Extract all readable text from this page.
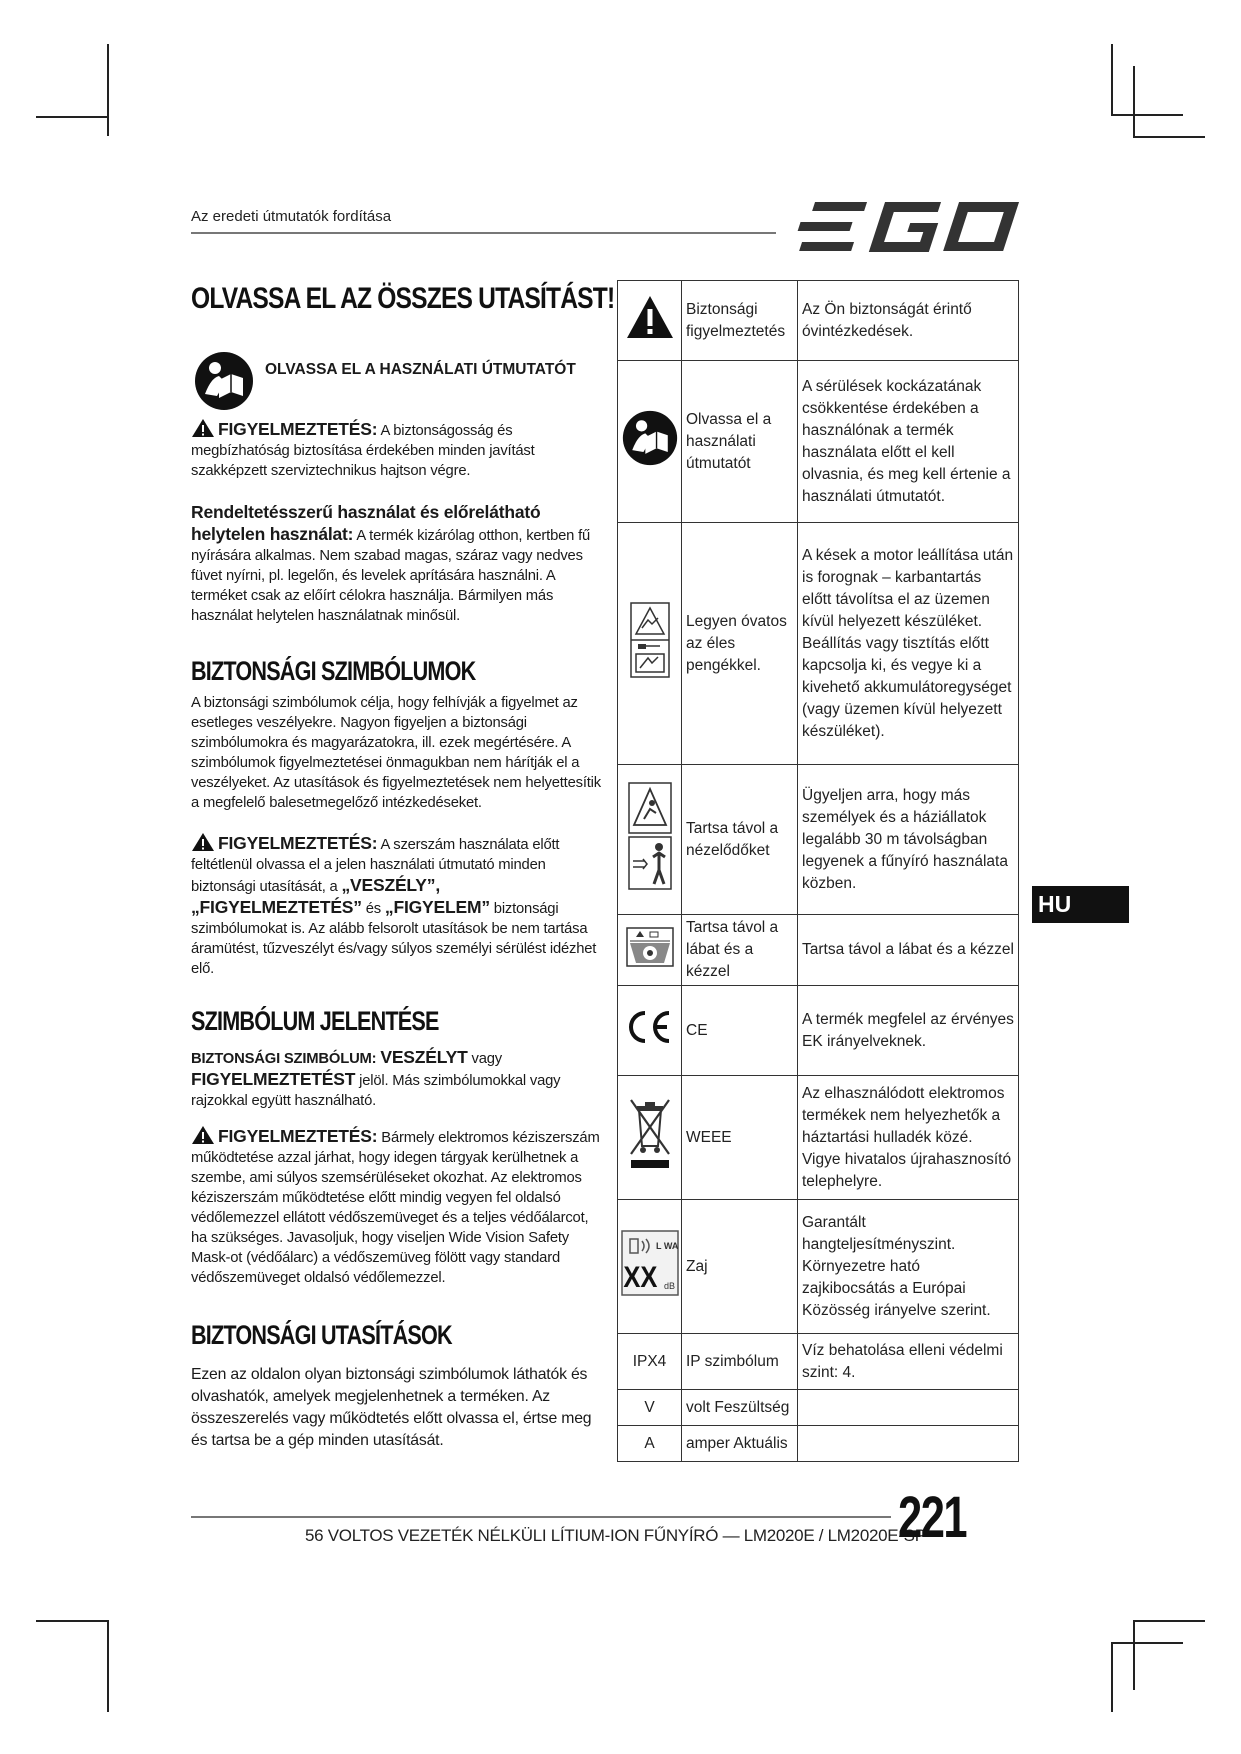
Az eredeti útmutatók fordítása
OLVASSA EL AZ ÖSSZES UTASÍTÁST!
OLVASSA EL A HASZNÁLATI ÚTMUTATÓT

FIGYELMEZTETÉS: A biztonságosság és megbízhatóság biztosítása érdekében minden javítást szakképzett szerviztechnikus hajtson végre.

Rendeltetésszerű használat és előrelátható helytelen használat: A termék kizárólag otthon, kertben fű nyírására alkalmas. Nem szabad magas, száraz vagy nedves füvet nyírni, pl. legelőn, és levelek aprítására használni. A terméket csak az előírt célokra használja. Bármilyen más használat helytelen használatnak minősül.

BIZTONSÁGI SZIMBÓLUMOK

A biztonsági szimbólumok célja, hogy felhívják a figyelmet az esetleges veszélyekre. Nagyon figyeljen a biztonsági szimbólumokra és magyarázatokra, ill. ezek megértésére. A szimbólumok figyelmeztetései önmagukban nem hárítják el a veszélyeket. Az utasítások és figyelmeztetések nem helyettesítik a megfelelő balesetmegelőző intézkedéseket.

FIGYELMEZTETÉS: A szerszám használata előtt feltétlenül olvassa el a jelen használati útmutató minden biztonsági utasítását, a „VESZÉLY”, „FIGYELMEZTETÉS” és „FIGYELEM” biztonsági szimbólumokat is. Az alább felsorolt utasítások be nem tartása áramütést, tűzveszélyt és/vagy súlyos személyi sérülést idézhet elő.

SZIMBÓLUM JELENTÉSE

BIZTONSÁGI SZIMBÓLUM: VESZÉLYT vagy FIGYELMEZTETÉST jelöl. Más szimbólumokkal vagy rajzokkal együtt használható.

FIGYELMEZTETÉS: Bármely elektromos kéziszerszám működtetése azzal járhat, hogy idegen tárgyak kerülhetnek a szembe, ami súlyos szemsérüléseket okozhat. Az elektromos kéziszerszám működtetése előtt mindig vegyen fel oldalsó védőlemezzel ellátott védőszemüveget és a teljes védőálarcot, ha szükséges. Javasoljuk, hogy viseljen Wide Vision Safety Mask-ot (védőálarc) a védőszemüveg fölött vagy standard védőszemüveget oldalsó védőlemezzel.

BIZTONSÁGI UTASÍTÁSOK

Ezen az oldalon olyan biztonsági szimbólumok láthatók és olvashatók, amelyek megjelenhetnek a terméken. Az összeszerelés vagy működtetés előtt olvassa el, értse meg és tartsa be a gép minden utasítását.

	Biztonsági figyelmeztetés	Az Ön biztonságát érintő óvintézkedések.
	Olvassa el a használati útmutatót	A sérülések kockázatának csökkentése érdekében a használónak a termék használata előtt el kell olvasnia, és meg kell értenie a használati útmutatót.
	Legyen óvatos az éles pengékkel.	A kések a motor leállítása után is forognak – karbantartás előtt távolítsa el az üzemen kívül helyezett készüléket. Beállítás vagy tisztítás előtt kapcsolja ki, és vegye ki a kivehető akkumulátoregységet (vagy üzemen kívül helyezett készüléket).
	Tartsa távol a nézelődőket	Ügyeljen arra, hogy más személyek és a háziállatok legalább 30 m távolságban legyenek a fűnyíró használata közben.
	Tartsa távol a lábat és a kézzel	Tartsa távol a lábat és a kézzel
	CE	A termék megfelel az érvényes EK irányelveknek.
	WEEE	Az elhasználódott elektromos termékek nem helyezhetők a háztartási hulladék közé. Vigye hivatalos újrahasznosító telephelyre.

L WA
XX dB	Zaj	Garantált hangteljesítményszint. Környezetre ható zajkibocsátás a Európai Közösség irányelve szerint.
IPX4	IP szimbólum	Víz behatolása elleni védelmi szint: 4.
V	volt Feszültség	
A	amper Aktuális	
HU
56 VOLTOS VEZETÉK NÉLKÜLI LÍTIUM-ION FŰNYÍRÓ — LM2020E / LM2020E-SP
221
